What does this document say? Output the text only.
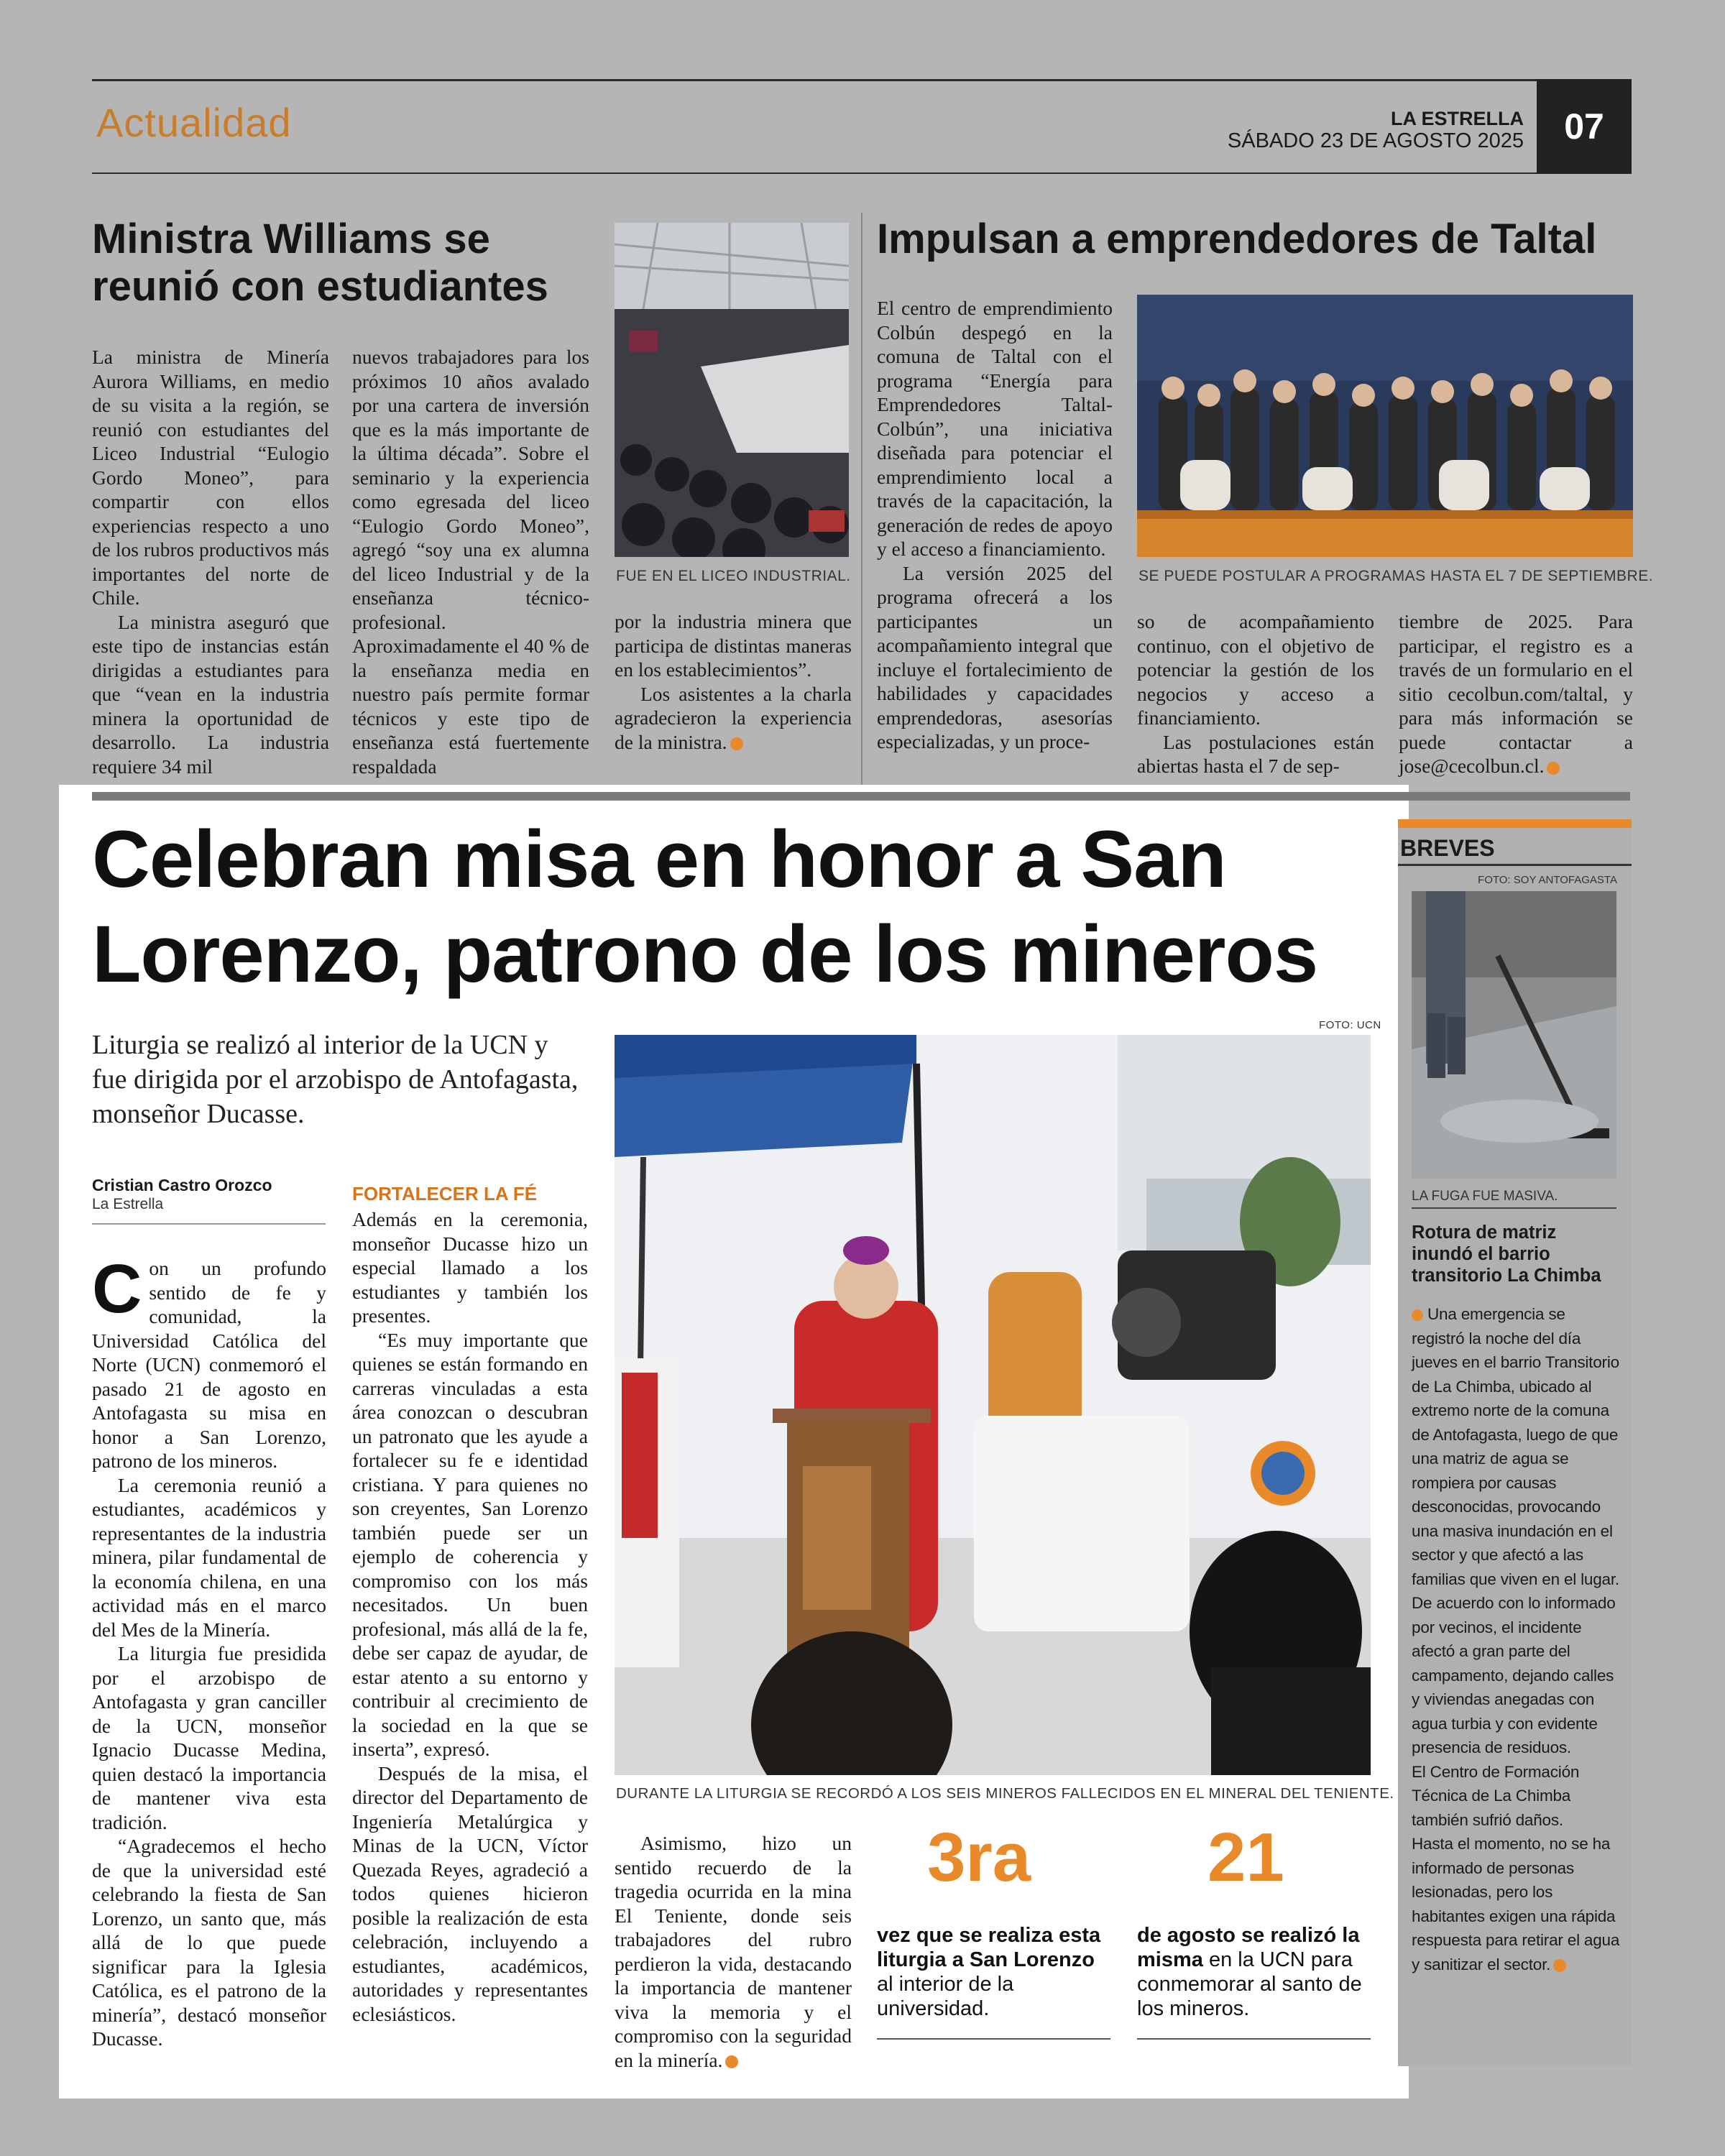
Actualidad	LA ESTRELLA
SÁBADO 23 DE AGOSTO 2025	07
Ministra Williams se reunió con estudiantes

La ministra de Minería Aurora Williams, en medio de su visita a la región, se reunió con estudiantes del Liceo Industrial “Eulogio Gordo Moneo”, para compartir con ellos experiencias respecto a uno de los rubros productivos más importantes del norte de Chile.

La ministra aseguró que este tipo de instancias están dirigidas a estudiantes para que “vean en la industria minera la oportunidad de desarrollo. La industria requiere 34 mil

nuevos trabajadores para los próximos 10 años avalado por una cartera de inversión que es la más importante de la última década”. Sobre el seminario y la experiencia como egresada del liceo “Eulogio Gordo Moneo”, agregó “soy una ex alumna del liceo Industrial y de la enseñanza técnico-profesional. Aproximadamente el 40 % de la enseñanza media en nuestro país permite formar técnicos y este tipo de enseñanza está fuertemente respaldada

FUE EN EL LICEO INDUSTRIAL.

por la industria minera que participa de distintas maneras en los establecimientos”.

Los asistentes a la charla agradecieron la experiencia de la ministra.

Impulsan a emprendedores de Taltal

El centro de emprendimiento Colbún despegó en la comuna de Taltal con el programa “Energía para Emprendedores Taltal-Colbún”, una iniciativa diseñada para potenciar el emprendimiento local a través de la capacitación, la generación de redes de apoyo y el acceso a financiamiento.

La versión 2025 del programa ofrecerá a los participantes un acompañamiento integral que incluye el fortalecimiento de habilidades y capacidades emprendedoras, asesorías especializadas, y un proce-

SE PUEDE POSTULAR A PROGRAMAS HASTA EL 7 DE SEPTIEMBRE.

so de acompañamiento continuo, con el objetivo de potenciar la gestión de los negocios y acceso a financiamiento.

Las postulaciones están abiertas hasta el 7 de sep-

tiembre de 2025. Para participar, el registro es a través de un formulario en el sitio cecolbun.com/taltal, y para más información se puede contactar a jose@cecolbun.cl.

Celebran misa en honor a San Lorenzo, patrono de los mineros
Liturgia se realizó al interior de la UCN y fue dirigida por el arzobispo de Antofagasta, monseñor Ducasse.
Cristian Castro Orozco
La Estrella

Con un profundo sentido de fe y comunidad, la Universidad Católica del Norte (UCN) conmemoró el pasado 21 de agosto en Antofagasta su misa en honor a San Lorenzo, patrono de los mineros.

La ceremonia reunió a estudiantes, académicos y representantes de la industria minera, pilar fundamental de la economía chilena, en una actividad más en el marco del Mes de la Minería.

La liturgia fue presidida por el arzobispo de Antofagasta y gran canciller de la UCN, monseñor Ignacio Ducasse Medina, quien destacó la importancia de mantener viva esta tradición.

“Agradecemos el hecho de que la universidad esté celebrando la fiesta de San Lorenzo, un santo que, más allá de lo que puede significar para la Iglesia Católica, es el patrono de la minería”, destacó monseñor Ducasse.

FORTALECER LA FÉ

Además en la ceremonia, monseñor Ducasse hizo un especial llamado a los estudiantes y también los presentes.

“Es muy importante que quienes se están formando en carreras vinculadas a esta área conozcan o descubran un patronato que les ayude a fortalecer su fe e identidad cristiana. Y para quienes no son creyentes, San Lorenzo también puede ser un ejemplo de coherencia y compromiso con los más necesitados. Un buen profesional, más allá de la fe, debe ser capaz de ayudar, de estar atento a su entorno y contribuir al crecimiento de la sociedad en la que se inserta”, expresó.

Después de la misa, el director del Departamento de Ingeniería Metalúrgica y Minas de la UCN, Víctor Quezada Reyes, agradeció a todos quienes hicieron posible la realización de esta celebración, incluyendo a estudiantes, académicos, autoridades y representantes eclesiásticos.

FOTO: UCN
DURANTE LA LITURGIA SE RECORDÓ A LOS SEIS MINEROS FALLECIDOS EN EL MINERAL DEL TENIENTE.

Asimismo, hizo un sentido recuerdo de la tragedia ocurrida en la mina El Teniente, donde seis trabajadores del rubro perdieron la vida, destacando la importancia de mantener viva la memoria y el compromiso con la seguridad en la minería.

3ra
vez que se realiza esta liturgia a San Lorenzo al interior de la universidad.
21
de agosto se realizó la misma en la UCN para conmemorar al santo de los mineros.
BREVES
FOTO: SOY ANTOFAGASTA
LA FUGA FUE MASIVA.
Rotura de matriz inundó el barrio transitorio La Chimba

Una emergencia se registró la noche del día jueves en el barrio Transitorio de La Chimba, ubicado al extremo norte de la comuna de Antofagasta, luego de que una matriz de agua se rompiera por causas desconocidas, provocando una masiva inundación en el sector y que afectó a las familias que viven en el lugar.

De acuerdo con lo informado por vecinos, el incidente afectó a gran parte del campamento, dejando calles y viviendas anegadas con agua turbia y con evidente presencia de residuos.

El Centro de Formación Técnica de La Chimba también sufrió daños.

Hasta el momento, no se ha informado de personas lesionadas, pero los habitantes exigen una rápida respuesta para retirar el agua y sanitizar el sector.
